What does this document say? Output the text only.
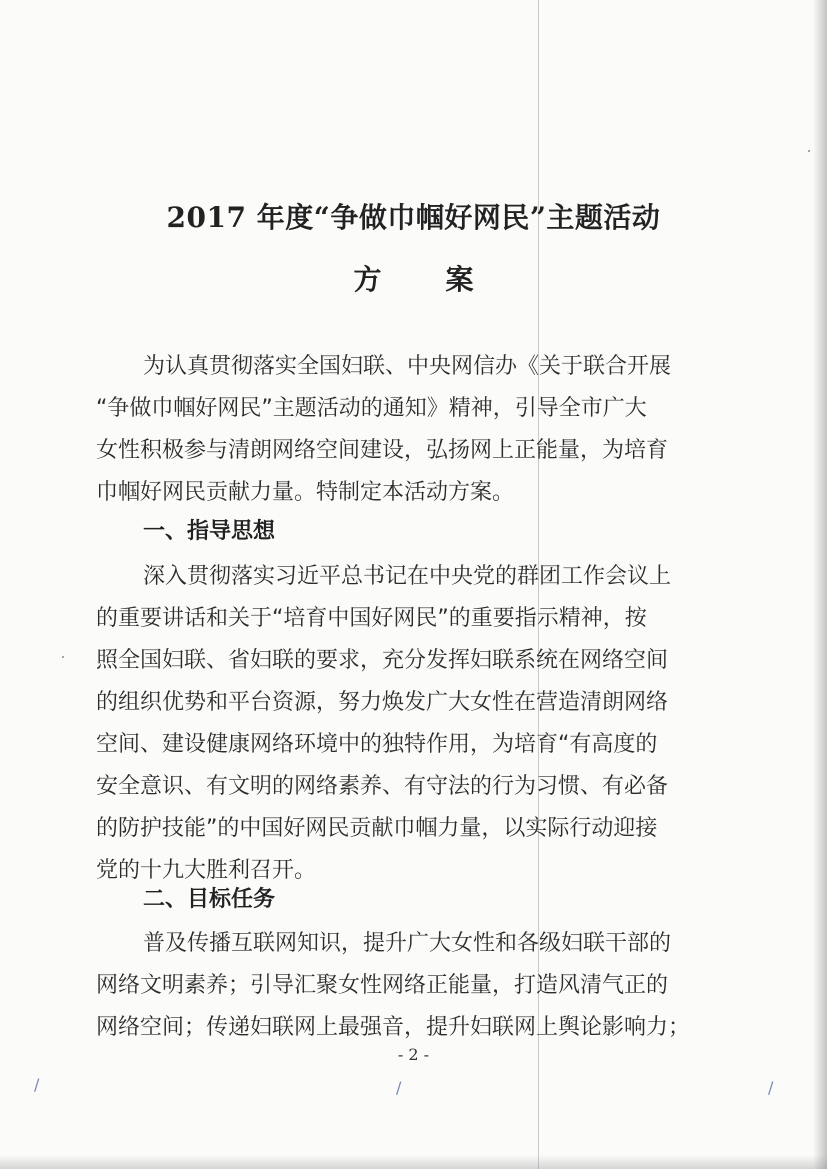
2017 年度“争做巾帼好网民”主题活动
方 案
为认真贯彻落实全国妇联、中央网信办《关于联合开展
“争做巾帼好网民”主题活动的通知》精神，引导全市广大
女性积极参与清朗网络空间建设，弘扬网上正能量，为培育
巾帼好网民贡献力量。特制定本活动方案。
一、指导思想
深入贯彻落实习近平总书记在中央党的群团工作会议上
的重要讲话和关于“培育中国好网民”的重要指示精神，按
照全国妇联、省妇联的要求，充分发挥妇联系统在网络空间
的组织优势和平台资源，努力焕发广大女性在营造清朗网络
空间、建设健康网络环境中的独特作用，为培育“有高度的
安全意识、有文明的网络素养、有守法的行为习惯、有必备
的防护技能”的中国好网民贡献巾帼力量，以实际行动迎接
党的十九大胜利召开。
二、目标任务
普及传播互联网知识，提升广大女性和各级妇联干部的
网络文明素养；引导汇聚女性网络正能量，打造风清气正的
网络空间；传递妇联网上最强音，提升妇联网上舆论影响力；
- 2 -
/	/	/
